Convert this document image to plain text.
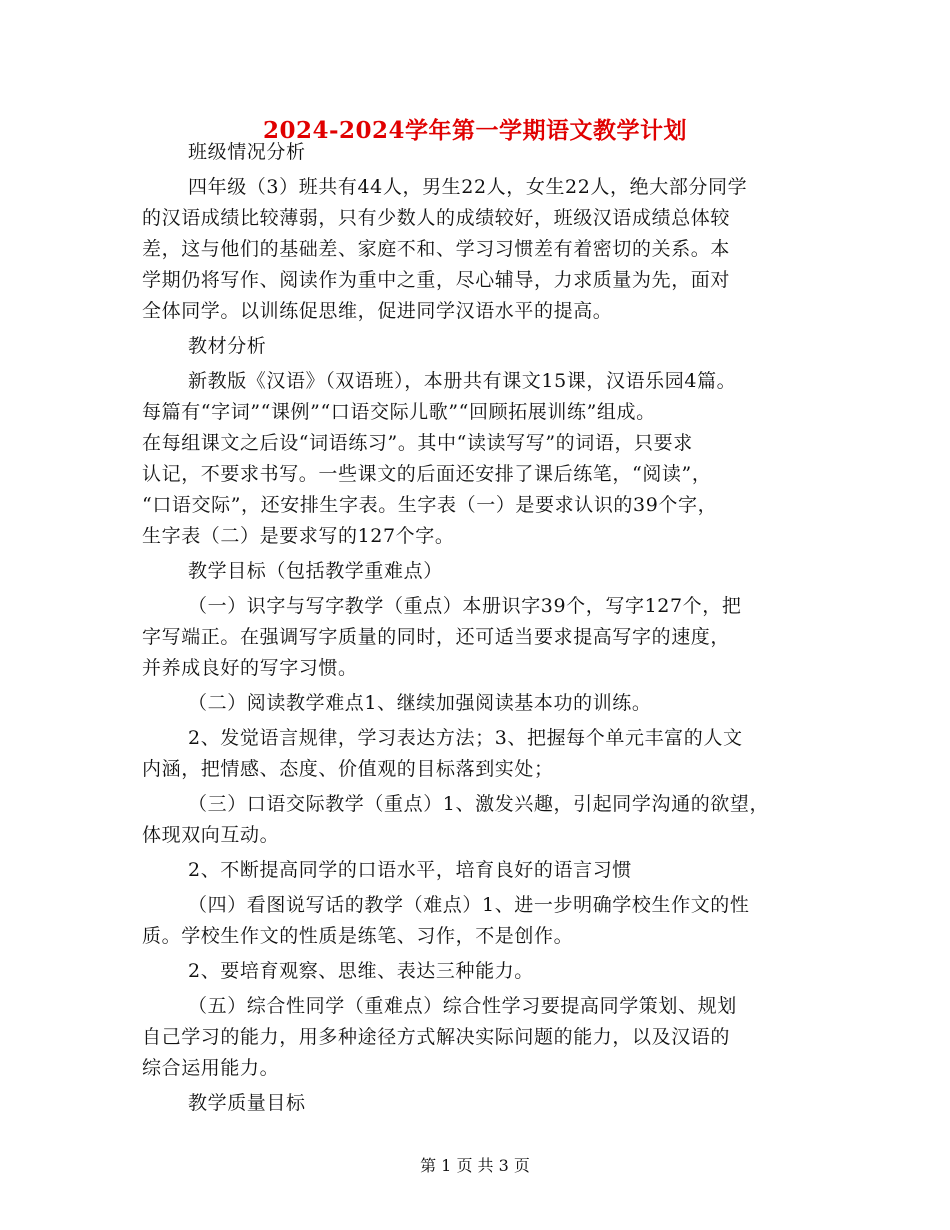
2024-2024学年第一学期语文教学计划
班级情况分析
四年级（3）班共有44人，男生22人，女生22人，绝大部分同学
的汉语成绩比较薄弱，只有少数人的成绩较好，班级汉语成绩总体较
差，这与他们的基础差、家庭不和、学习习惯差有着密切的关系。本
学期仍将写作、阅读作为重中之重，尽心辅导，力求质量为先，面对
全体同学。以训练促思维，促进同学汉语水平的提高。
教材分析
新教版《汉语》（双语班），本册共有课文15课，汉语乐园4篇。
每篇有“字词”“课例”“口语交际儿歌”“回顾拓展训练”组成。
在每组课文之后设“词语练习”。其中“读读写写”的词语，只要求
认记，不要求书写。一些课文的后面还安排了课后练笔，“阅读”，
“口语交际”，还安排生字表。生字表（一）是要求认识的39个字，
生字表（二）是要求写的127个字。
教学目标（包括教学重难点）
（一）识字与写字教学（重点）本册识字39个，写字127个，把
字写端正。在强调写字质量的同时，还可适当要求提高写字的速度，
并养成良好的写字习惯。
（二）阅读教学难点1、继续加强阅读基本功的训练。
2、发觉语言规律，学习表达方法；3、把握每个单元丰富的人文
内涵，把情感、态度、价值观的目标落到实处；
（三）口语交际教学（重点）1、激发兴趣，引起同学沟通的欲望，
体现双向互动。
2、不断提高同学的口语水平，培育良好的语言习惯
（四）看图说写话的教学（难点）1、进一步明确学校生作文的性
质。学校生作文的性质是练笔、习作，不是创作。
2、要培育观察、思维、表达三种能力。
（五）综合性同学（重难点）综合性学习要提高同学策划、规划
自己学习的能力，用多种途径方式解决实际问题的能力，以及汉语的
综合运用能力。
教学质量目标
第 1 页 共 3 页
